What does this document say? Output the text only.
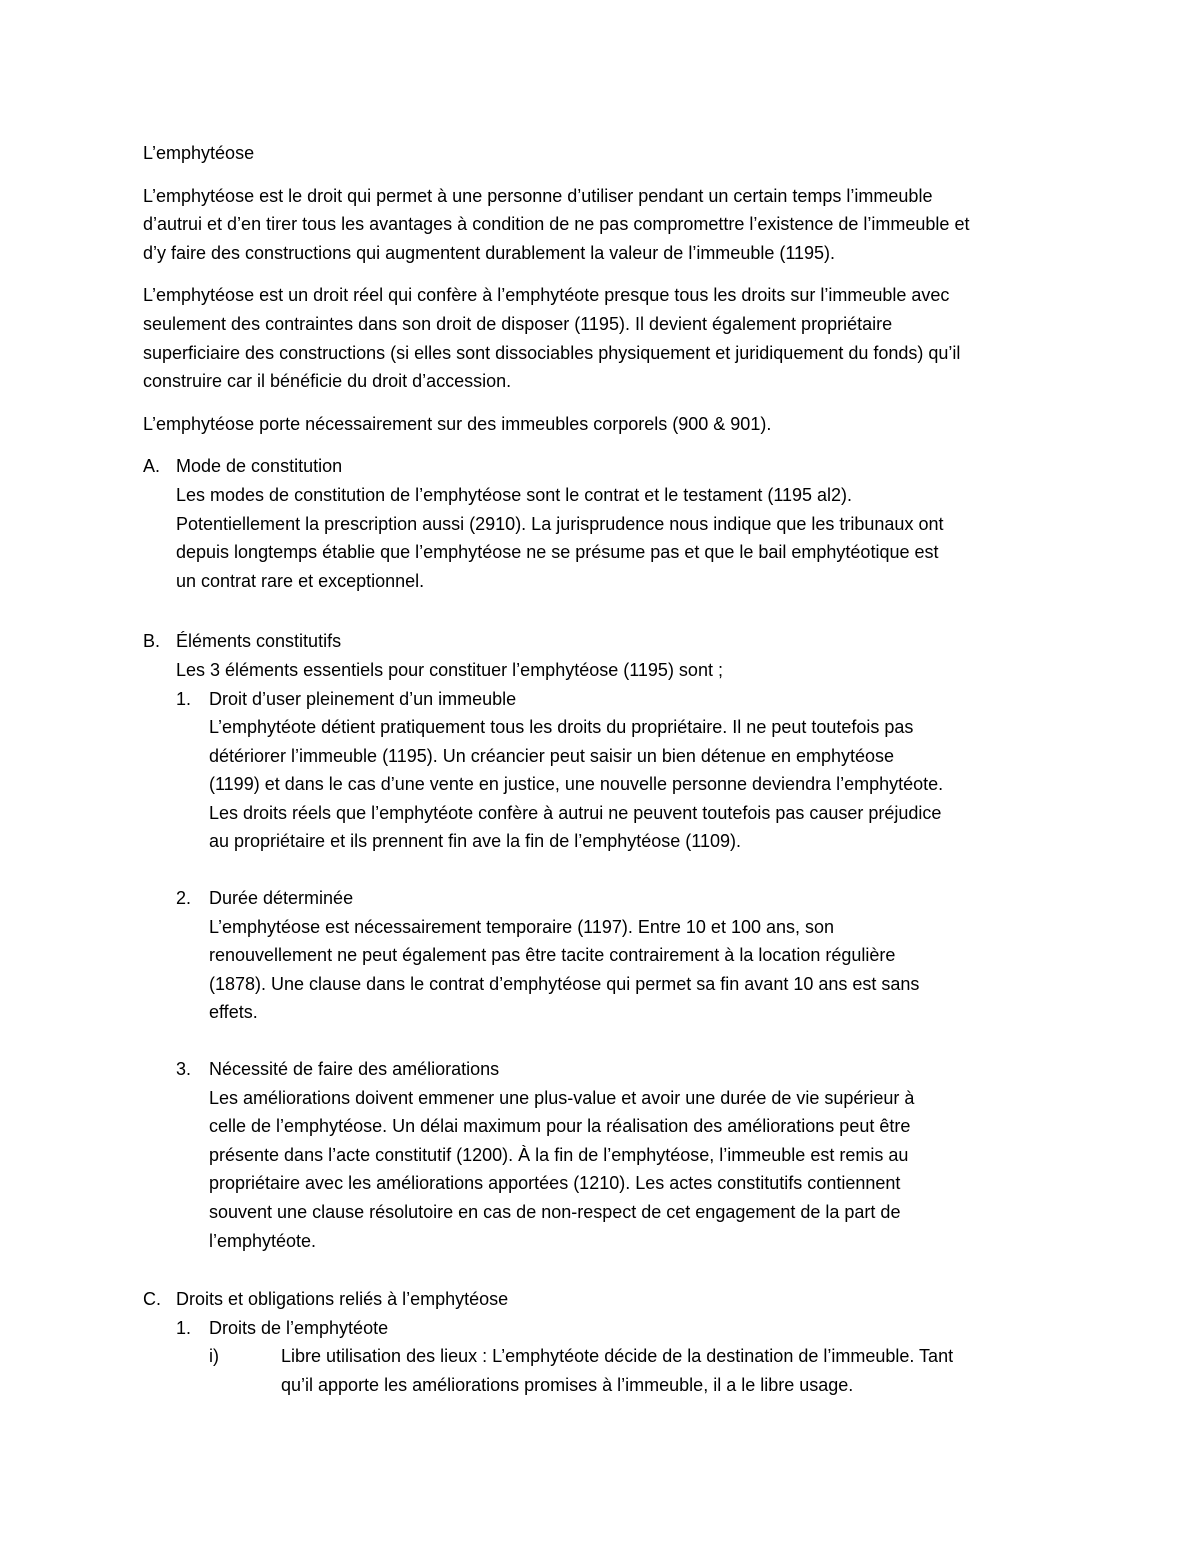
L’emphytéose
L’emphytéose est le droit qui permet à une personne d’utiliser pendant un certain temps l’immeuble
d’autrui et d’en tirer tous les avantages à condition de ne pas compromettre l’existence de l’immeuble et
d’y faire des constructions qui augmentent durablement la valeur de l’immeuble (1195).
L’emphytéose est un droit réel qui confère à l’emphytéote presque tous les droits sur l’immeuble avec
seulement des contraintes dans son droit de disposer (1195). Il devient également propriétaire
superficiaire des constructions (si elles sont dissociables physiquement et juridiquement du fonds) qu’il
construire car il bénéficie du droit d’accession.
L’emphytéose porte nécessairement sur des immeubles corporels (900 & 901).
A. Mode de constitution
Les modes de constitution de l’emphytéose sont le contrat et le testament (1195 al2).
Potentiellement la prescription aussi (2910). La jurisprudence nous indique que les tribunaux ont
depuis longtemps établie que l’emphytéose ne se présume pas et que le bail emphytéotique est
un contrat rare et exceptionnel.
B. Éléments constitutifs
Les 3 éléments essentiels pour constituer l’emphytéose (1195) sont ;
1. Droit d’user pleinement d’un immeuble
L’emphytéote détient pratiquement tous les droits du propriétaire. Il ne peut toutefois pas
détériorer l’immeuble (1195). Un créancier peut saisir un bien détenue en emphytéose
(1199) et dans le cas d’une vente en justice, une nouvelle personne deviendra l’emphytéote.
Les droits réels que l’emphytéote confère à autrui ne peuvent toutefois pas causer préjudice
au propriétaire et ils prennent fin ave la fin de l’emphytéose (1109).
2. Durée déterminée
L’emphytéose est nécessairement temporaire (1197). Entre 10 et 100 ans, son
renouvellement ne peut également pas être tacite contrairement à la location régulière
(1878). Une clause dans le contrat d’emphytéose qui permet sa fin avant 10 ans est sans
effets.
3. Nécessité de faire des améliorations
Les améliorations doivent emmener une plus-value et avoir une durée de vie supérieur à
celle de l’emphytéose. Un délai maximum pour la réalisation des améliorations peut être
présente dans l’acte constitutif (1200). À la fin de l’emphytéose, l’immeuble est remis au
propriétaire avec les améliorations apportées (1210). Les actes constitutifs contiennent
souvent une clause résolutoire en cas de non-respect de cet engagement de la part de
l’emphytéote.
C. Droits et obligations reliés à l’emphytéose
1. Droits de l’emphytéote
i)	Libre utilisation des lieux : L’emphytéote décide de la destination de l’immeuble. Tant
qu’il apporte les améliorations promises à l’immeuble, il a le libre usage.
